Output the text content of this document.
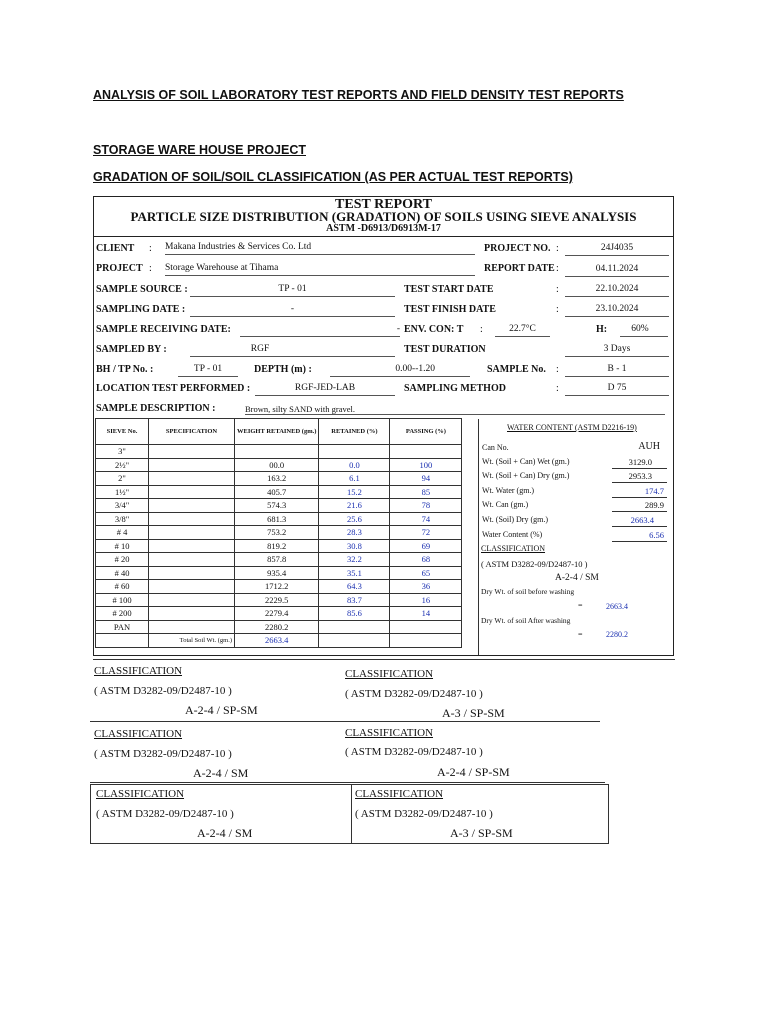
ANALYSIS OF SOIL LABORATORY TEST REPORTS AND FIELD DENSITY TEST REPORTS
STORAGE WARE HOUSE PROJECT
GRADATION OF SOIL/SOIL CLASSIFICATION (AS PER ACTUAL TEST REPORTS)
TEST REPORT
PARTICLE SIZE DISTRIBUTION (GRADATION) OF SOILS USING SIEVE ANALYSIS
ASTM -D6913/D6913M-17
CLIENT : Makana Industries & Services Co. Ltd	PROJECT NO. :	24J4035
PROJECT : Storage Warehouse at Tihama	REPORT DATE :	04.11.2024
SAMPLE SOURCE :	TP - 01	TEST START DATE	:	22.10.2024
SAMPLING DATE :	-	TEST FINISH DATE	:	23.10.2024
SAMPLE RECEIVING DATE:	- ENV. CON: T :	22.7°C	H:	60%
SAMPLED BY :	RGF	TEST DURATION	3 Days
BH / TP No. :	TP - 01	DEPTH (m) :	0.00--1.20	SAMPLE No. :	B - 1
LOCATION TEST PERFORMED :	RGF-JED-LAB	SAMPLING METHOD	:	D 75
SAMPLE DESCRIPTION :	Brown, silty SAND with gravel.
SIEVE No.	SPECIFICATION	WEIGHT RETAINED (gm.)	RETAINED (%)	PASSING (%)
3"				
2½"		00.0	0.0	100
2"		163.2	6.1	94
1½"		405.7	15.2	85
3/4"		574.3	21.6	78
3/8"		681.3	25.6	74
# 4		753.2	28.3	72
# 10		819.2	30.8	69
# 20		857.8	32.2	68
# 40		935.4	35.1	65
# 60		1712.2	64.3	36
# 100		2229.5	83.7	16
# 200		2279.4	85.6	14
PAN		2280.2		
	Total Soil Wt. (gm.)	2663.4		
WATER CONTENT (ASTM D2216-19)
Can No.	AUH
Wt. (Soil + Can) Wet (gm.)	3129.0
Wt. (Soil + Can) Dry (gm.)	2953.3
Wt. Water (gm.)	174.7
Wt. Can (gm.)	289.9
Wt. (Soil) Dry (gm.)	2663.4
Water Content (%)	6.56
CLASSIFICATION
( ASTM D3282-09/D2487-10 )
A-2-4 / SM
Dry Wt. of soil before washing
=	2663.4
Dry Wt. of soil After washing
=	2280.2
CLASSIFICATION
( ASTM D3282-09/D2487-10 )
A-2-4 / SP-SM
CLASSIFICATION
( ASTM D3282-09/D2487-10 )
A-3 / SP-SM
CLASSIFICATION
( ASTM D3282-09/D2487-10 )
A-2-4 / SM
CLASSIFICATION
( ASTM D3282-09/D2487-10 )
A-2-4 / SP-SM
CLASSIFICATION
( ASTM D3282-09/D2487-10 )
A-2-4 / SM
CLASSIFICATION
( ASTM D3282-09/D2487-10 )
A-3 / SP-SM
